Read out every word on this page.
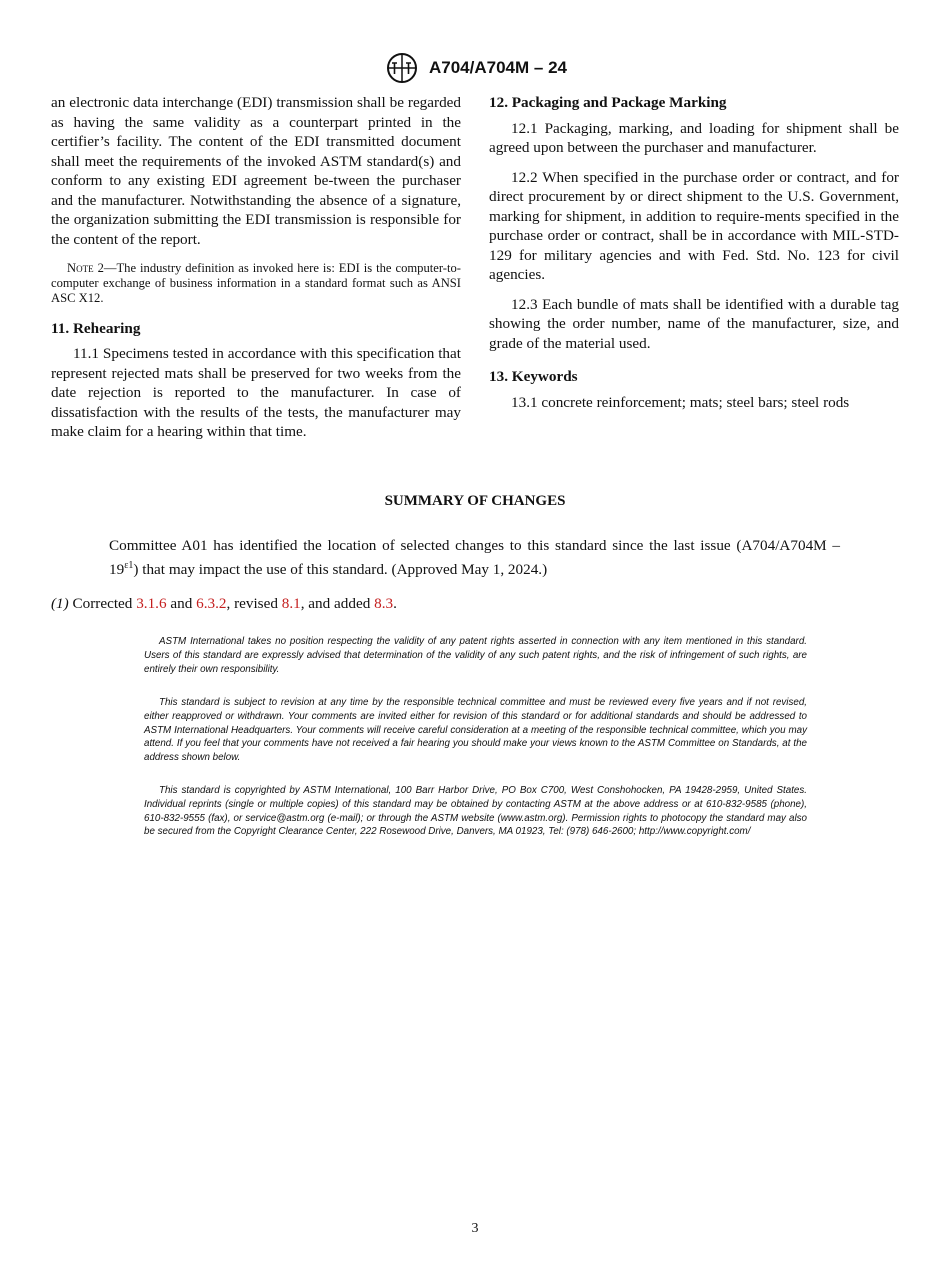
A704/A704M – 24

an electronic data interchange (EDI) transmission shall be regarded as having the same validity as a counterpart printed in the certifier’s facility. The content of the EDI transmitted document shall meet the requirements of the invoked ASTM standard(s) and conform to any existing EDI agreement be-tween the purchaser and the manufacturer. Notwithstanding the absence of a signature, the organization submitting the EDI transmission is responsible for the content of the report.

Note 2—The industry definition as invoked here is: EDI is the computer-to-computer exchange of business information in a standard format such as ANSI ASC X12.

11. Rehearing

11.1 Specimens tested in accordance with this specification that represent rejected mats shall be preserved for two weeks from the date rejection is reported to the manufacturer. In case of dissatisfaction with the results of the tests, the manufacturer may make claim for a hearing within that time.

12. Packaging and Package Marking

12.1 Packaging, marking, and loading for shipment shall be agreed upon between the purchaser and manufacturer.

12.2 When specified in the purchase order or contract, and for direct procurement by or direct shipment to the U.S. Government, marking for shipment, in addition to require-ments specified in the purchase order or contract, shall be in accordance with MIL-STD-129 for military agencies and with Fed. Std. No. 123 for civil agencies.

12.3 Each bundle of mats shall be identified with a durable tag showing the order number, name of the manufacturer, size, and grade of the material used.

13. Keywords

13.1 concrete reinforcement; mats; steel bars; steel rods

SUMMARY OF CHANGES

Committee A01 has identified the location of selected changes to this standard since the last issue $(A704/A704M - 19^{\varepsilon 1})$ that may impact the use of this standard. (Approved May 1, 2024.)

(1) Corrected 3.1.6 and 6.3.2, revised 8.1, and added 8.3.

ASTM International takes no position respecting the validity of any patent rights asserted in connection with any item mentioned in this standard. Users of this standard are expressly advised that determination of the validity of any such patent rights, and the risk of infringement of such rights, are entirely their own responsibility.

This standard is subject to revision at any time by the responsible technical committee and must be reviewed every five years and if not revised, either reapproved or withdrawn. Your comments are invited either for revision of this standard or for additional standards and should be addressed to ASTM International Headquarters. Your comments will receive careful consideration at a meeting of the responsible technical committee, which you may attend. If you feel that your comments have not received a fair hearing you should make your views known to the ASTM Committee on Standards, at the address shown below.

This standard is copyrighted by ASTM International, 100 Barr Harbor Drive, PO Box C700, West Conshohocken, PA 19428-2959, United States. Individual reprints (single or multiple copies) of this standard may be obtained by contacting ASTM at the above address or at 610-832-9585 (phone), 610-832-9555 (fax), or service@astm.org (e-mail); or through the ASTM website (www.astm.org). Permission rights to photocopy the standard may also be secured from the Copyright Clearance Center, 222 Rosewood Drive, Danvers, MA 01923, Tel: (978) 646-2600; http://www.copyright.com/

3
